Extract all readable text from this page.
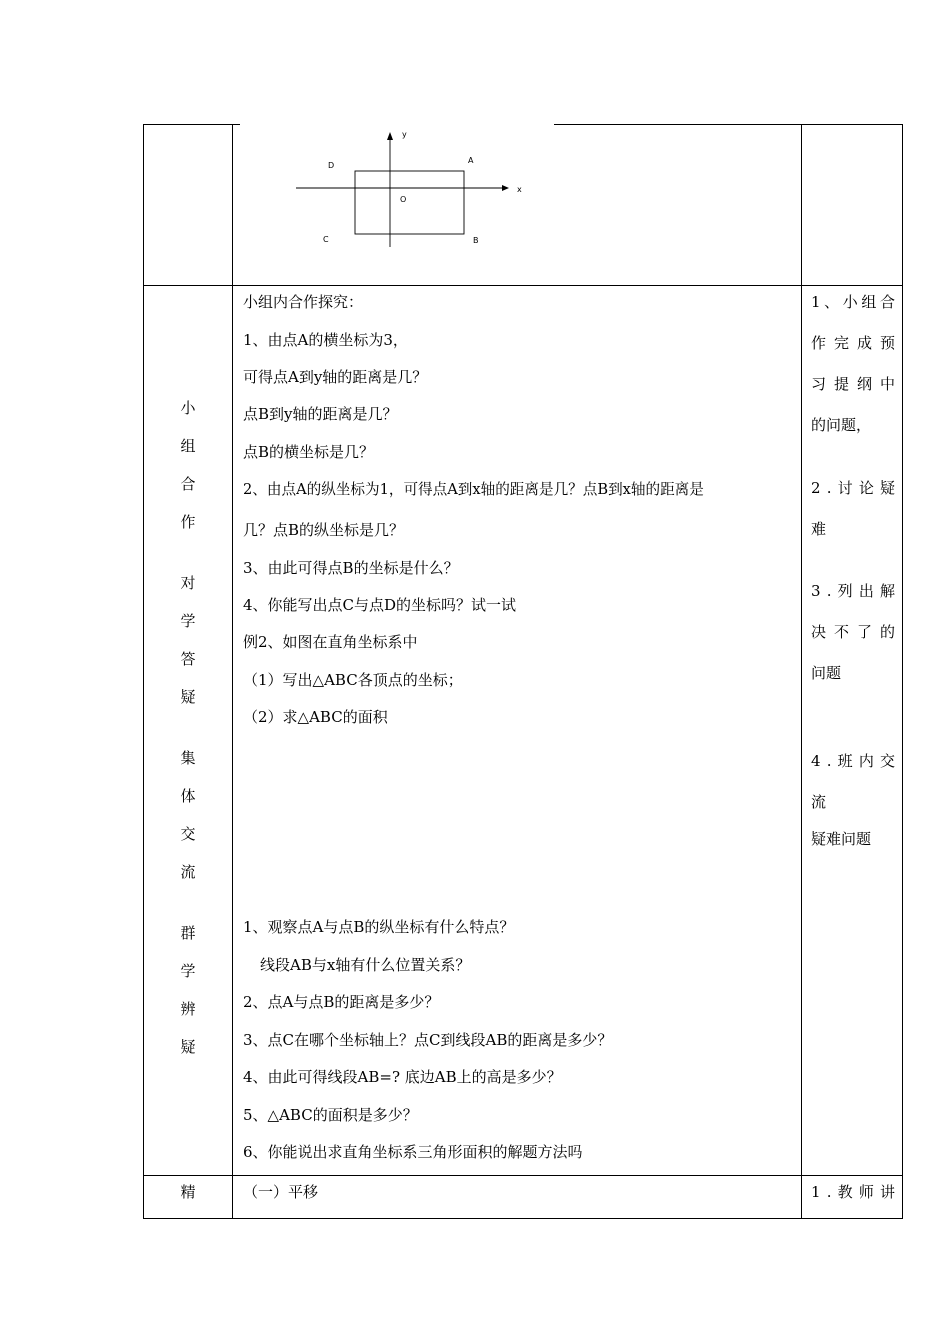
y
x
O
A
B
C
D
小
组
合
作
对
学
答
疑
集
体
交
流
群
学
辨
疑
精
小组内合作探究：
1、由点A的横坐标为3，
可得点A到y轴的距离是几？
点B到y轴的距离是几？
点B的横坐标是几？
2、由点A的纵坐标为1，可得点A到x轴的距离是几？点B到x轴的距离是
几？点B的纵坐标是几？
3、由此可得点B的坐标是什么？
4、你能写出点C与点D的坐标吗？试一试
例2、如图在直角坐标系中
（1）写出△ABC各顶点的坐标；
（2）求△ABC的面积
1、观察点A与点B的纵坐标有什么特点？
线段AB与x轴有什么位置关系？
2、点A与点B的距离是多少？
3、点C在哪个坐标轴上？点C到线段AB的距离是多少？
4、由此可得线段AB=? 底边AB上的高是多少？
5、△ABC的面积是多少？
6、你能说出求直角坐标系三角形面积的解题方法吗
（一）平移
1 、 小 组 合
作 完 成 预
习 提 纲 中
的问题，
2 . 讨 论 疑
难
3 . 列 出 解
决 不 了 的
问题
4 . 班 内 交
流
疑难问题
1 . 教 师 讲
